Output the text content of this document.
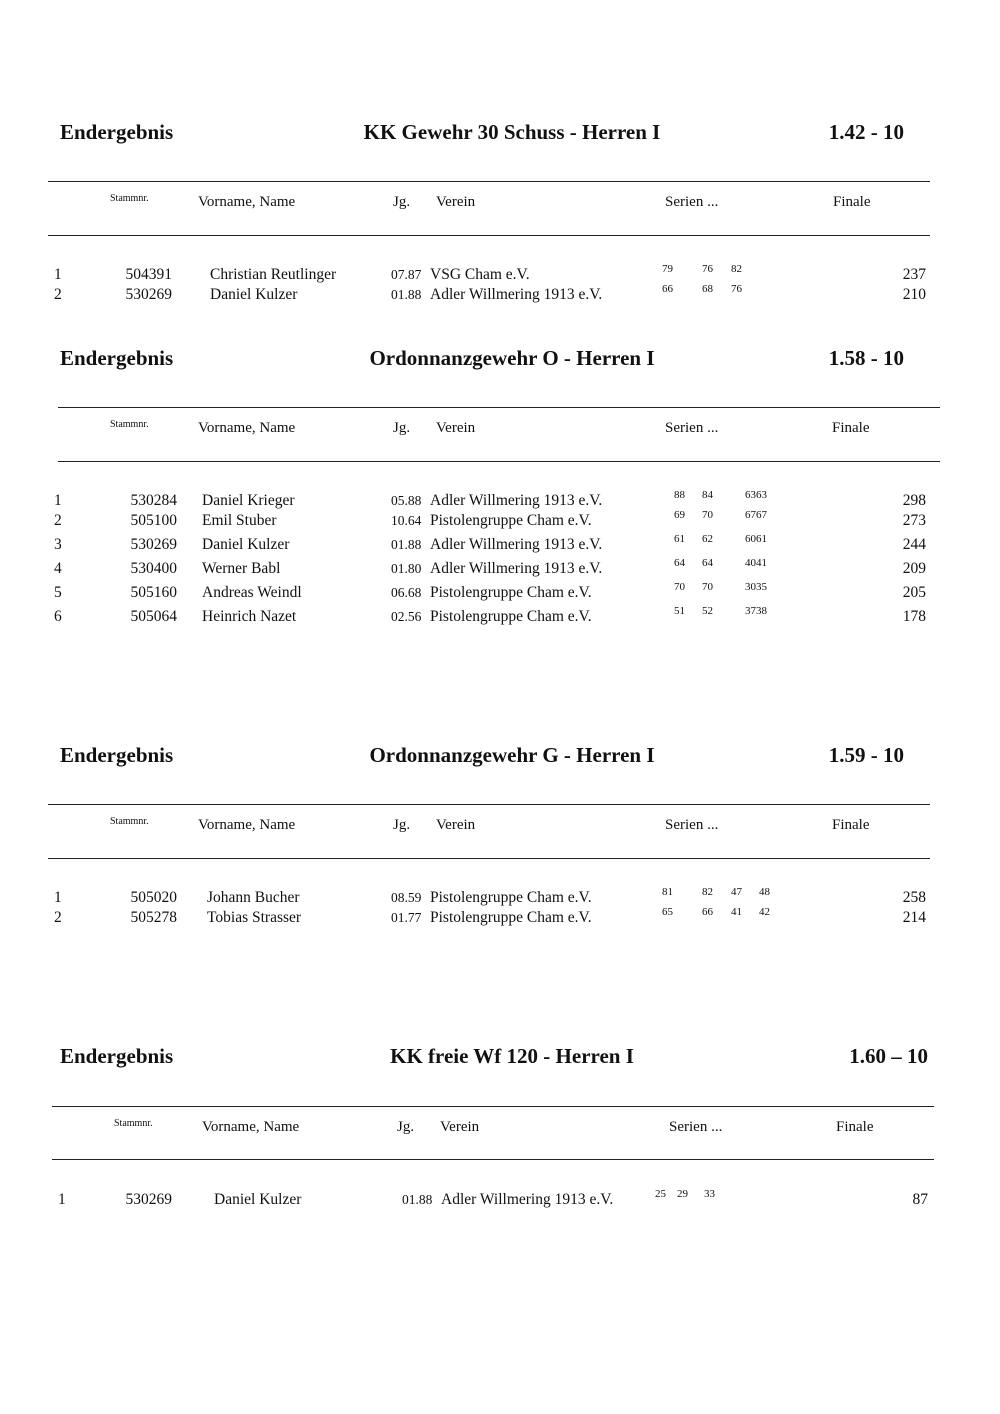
Endergebnis	KK Gewehr 30 Schuss - Herren I	1.42 - 10
Stammnr.	Vorname, Name	Jg. Verein	Serien ...	Finale
1	504391 Christian Reutlinger	07.87 VSG Cham e.V.	79	76 82	237
2	530269 Daniel Kulzer	01.88 Adler Willmering 1913 e.V.	66	68 76	210
Endergebnis	Ordonnanzgewehr O - Herren I	1.58 - 10
Stammnr.	Vorname, Name	Jg. Verein	Serien ...	Finale
1	530284 Daniel Krieger	05.88 Adler Willmering 1913 e.V.	88 84	6363	298
2	505100 Emil Stuber	10.64 Pistolengruppe Cham e.V.	69 70	6767	273
3	530269 Daniel Kulzer	01.88 Adler Willmering 1913 e.V.	61 62	6061	244
4	530400 Werner Babl	01.80 Adler Willmering 1913 e.V.	64 64	4041	209
5	505160 Andreas Weindl	06.68 Pistolengruppe Cham e.V.	70 70	3035	205
6	505064 Heinrich Nazet	02.56 Pistolengruppe Cham e.V.	51 52	3738	178
Endergebnis	Ordonnanzgewehr G - Herren I	1.59 - 10
Stammnr.	Vorname, Name	Jg. Verein	Serien ...	Finale
1	505020 Johann Bucher	08.59 Pistolengruppe Cham e.V.	81	82 47 48	258
2	505278 Tobias Strasser	01.77 Pistolengruppe Cham e.V.	65	66 41 42	214
Endergebnis	KK freie Wf 120 - Herren I	1.60 – 10
Stammnr.	Vorname, Name	Jg. Verein	Serien ...	Finale
1	530269	Daniel Kulzer	01.88 Adler Willmering 1913 e.V.	25 29 33	87
